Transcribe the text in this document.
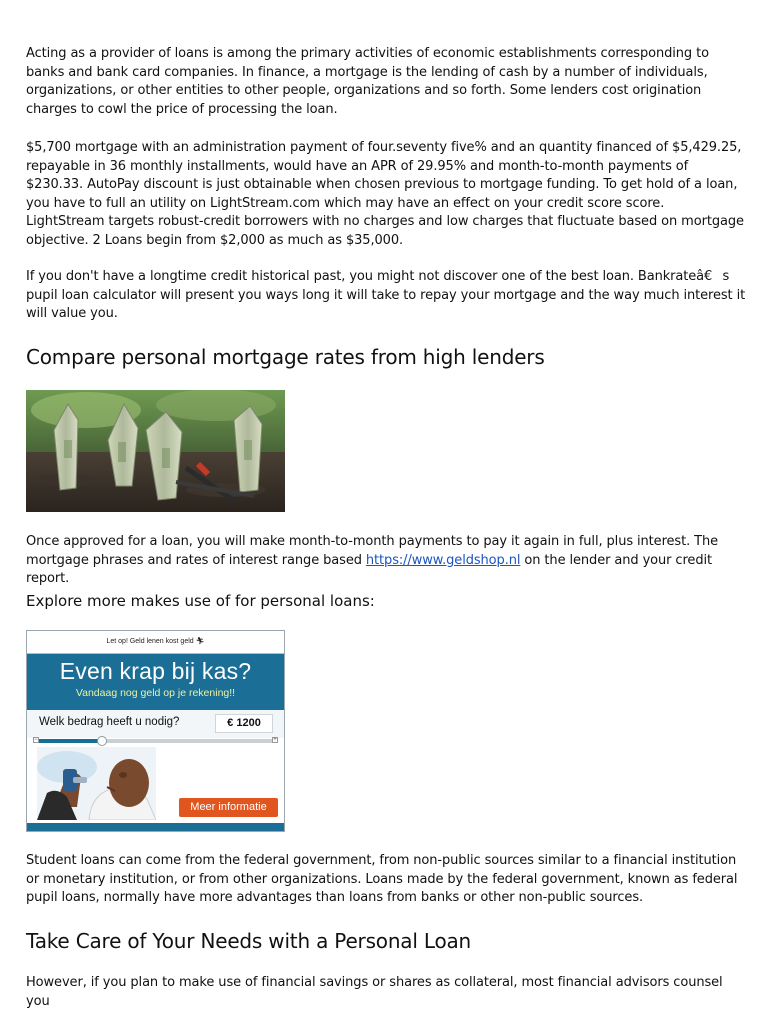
Acting as a provider of loans is among the primary activities of economic establishments corresponding to banks and bank card companies. In finance, a mortgage is the lending of cash by a number of individuals, organizations, or other entities to other people, organizations and so forth. Some lenders cost origination charges to cowl the price of processing the loan.

$5,700 mortgage with an administration payment of four.seventy five% and an quantity financed of $5,429.25, repayable in 36 monthly installments, would have an APR of 29.95% and month-to-month payments of $230.33. AutoPay discount is just obtainable when chosen previous to mortgage funding. To get hold of a loan, you have to full an utility on LightStream.com which may have an effect on your credit score score. LightStream targets robust-credit borrowers with no charges and low charges that fluctuate based on mortgage objective. 2 Loans begin from $2,000 as much as $35,000.

If you don't have a longtime credit historical past, you might not discover one of the best loan. Bankrateâ€s pupil loan calculator will present you ways long it will take to repay your mortgage and the way much interest it will value you.

Compare personal mortgage rates from high lenders

Once approved for a loan, you will make month-to-month payments to pay it again in full, plus interest. The mortgage phrases and rates of interest range based https://www.geldshop.nl on the lender and your credit report.

Explore more makes use of for personal loans:
Let op! Geld lenen kost geld 🏃︎
Even krap bij kas?
Vandaag nog geld op je rekening!!
Welk bedrag heeft u nodig?	€ 1200
−	+
Meer informatie

Student loans can come from the federal government, from non-public sources similar to a financial institution or monetary institution, or from other organizations. Loans made by the federal government, known as federal pupil loans, normally have more advantages than loans from banks or other non-public sources.

Take Care of Your Needs with a Personal Loan

However, if you plan to make use of financial savings or shares as collateral, most financial advisors counsel you
